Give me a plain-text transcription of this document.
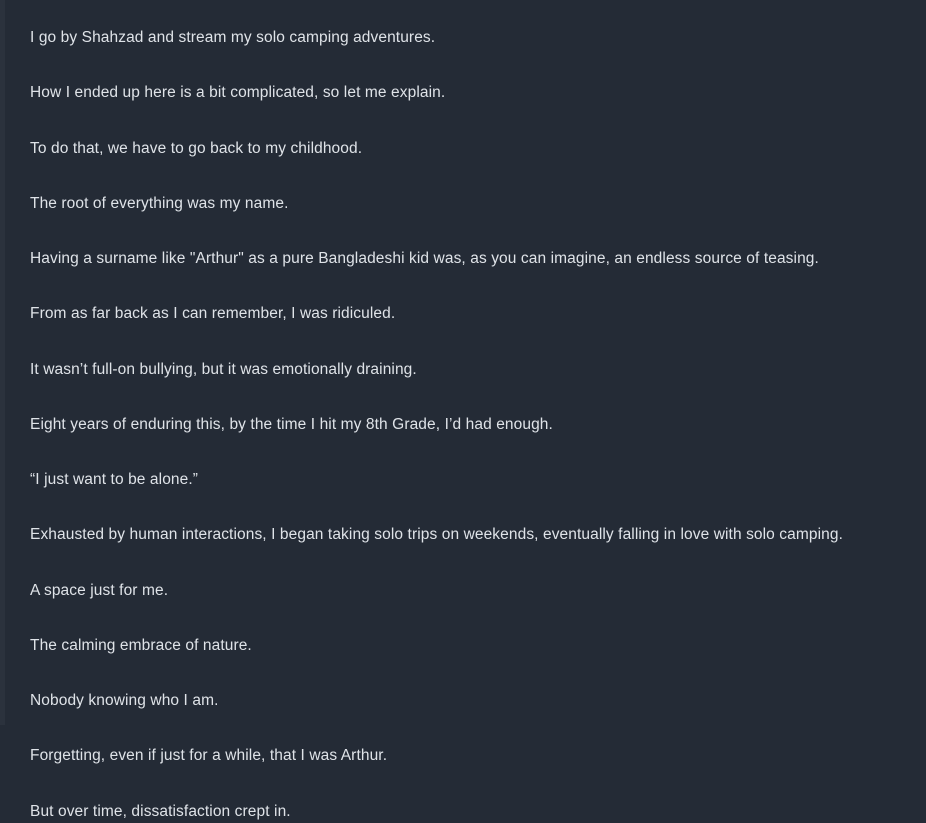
I go by Shahzad and stream my solo camping adventures.

How I ended up here is a bit complicated, so let me explain.

To do that, we have to go back to my childhood.

The root of everything was my name.

Having a surname like "Arthur" as a pure Bangladeshi kid was, as you can imagine, an endless source of teasing.

From as far back as I can remember, I was ridiculed.

It wasn’t full-on bullying, but it was emotionally draining.

Eight years of enduring this, by the time I hit my 8th Grade, I’d had enough.

“I just want to be alone.”

Exhausted by human interactions, I began taking solo trips on weekends, eventually falling in love with solo camping.

A space just for me.

The calming embrace of nature.

Nobody knowing who I am.

Forgetting, even if just for a while, that I was Arthur.

But over time, dissatisfaction crept in.
